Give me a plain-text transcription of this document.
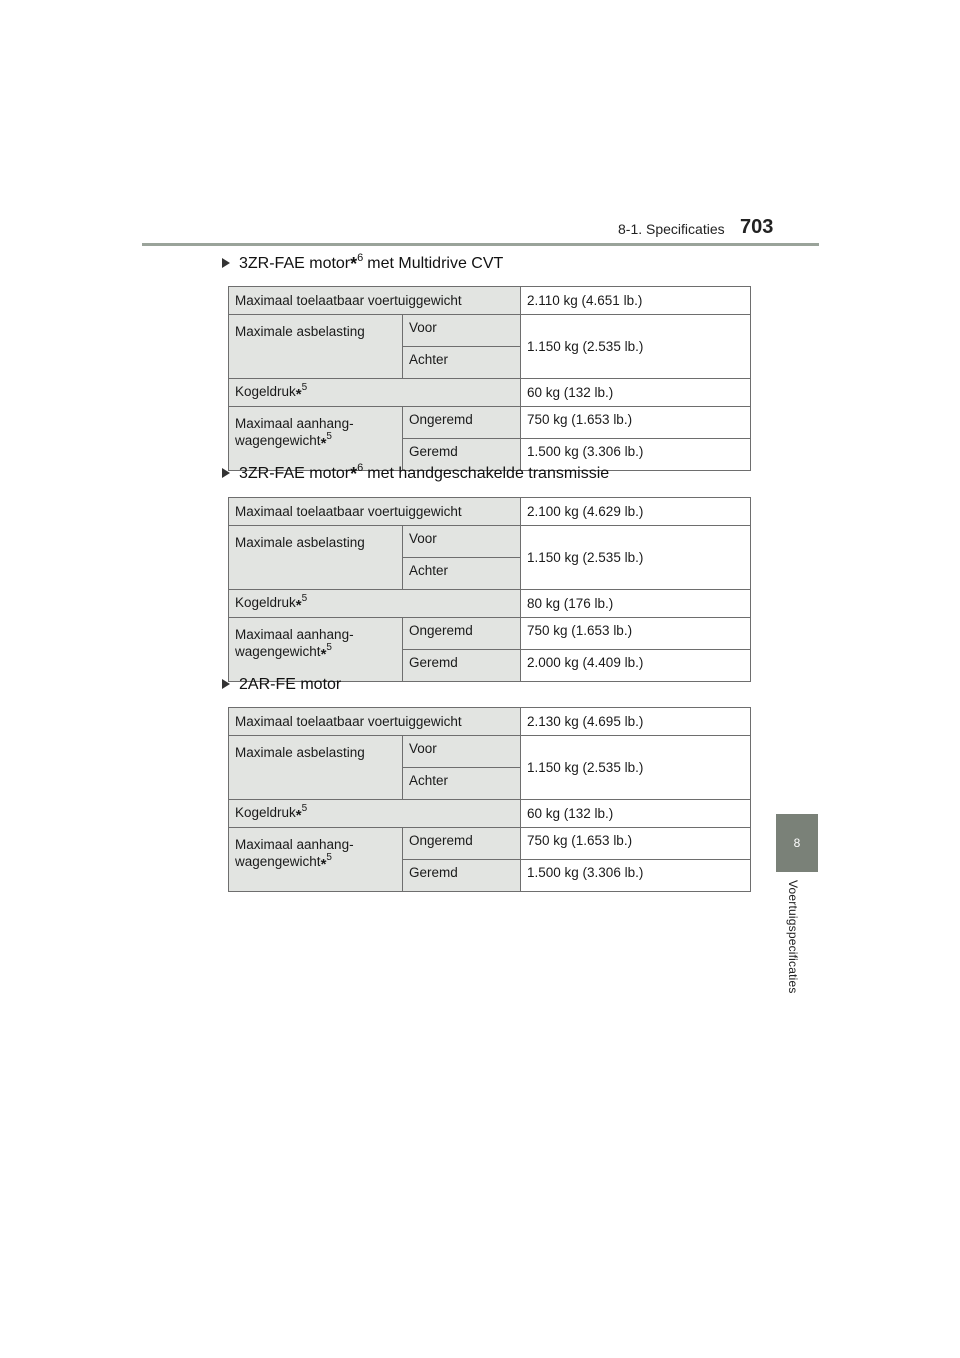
8-1. Specificaties 703
8
Voertuigspecificaties
3ZR-FAE motor * 6 met Multidrive CVT
Maximaal toelaatbaar voertuiggewicht		2.110 kg (4.651 lb.)
Maximale asbelasting	Voor	1.150 kg (2.535 lb.)
	Achter	
Kogeldruk*$^5$		60 kg (132 lb.)
Maximaal aanhang- wagengewicht*$^5$	Ongeremd	750 kg (1.653 lb.)
	Geremd	1.500 kg (3.306 lb.)
3ZR-FAE motor * 6 met handgeschakelde transmissie
Maximaal toelaatbaar voertuiggewicht		2.100 kg (4.629 lb.)
Maximale asbelasting	Voor	1.150 kg (2.535 lb.)
	Achter	
Kogeldruk*$^5$		80 kg (176 lb.)
Maximaal aanhang- wagengewicht*$^5$	Ongeremd	750 kg (1.653 lb.)
	Geremd	2.000 kg (4.409 lb.)
2AR-FE motor
Maximaal toelaatbaar voertuiggewicht		2.130 kg (4.695 lb.)
Maximale asbelasting	Voor	1.150 kg (2.535 lb.)
	Achter	
Kogeldruk*$^5$		60 kg (132 lb.)
Maximaal aanhang- wagengewicht*$^5$	Ongeremd	750 kg (1.653 lb.)
	Geremd	1.500 kg (3.306 lb.)
